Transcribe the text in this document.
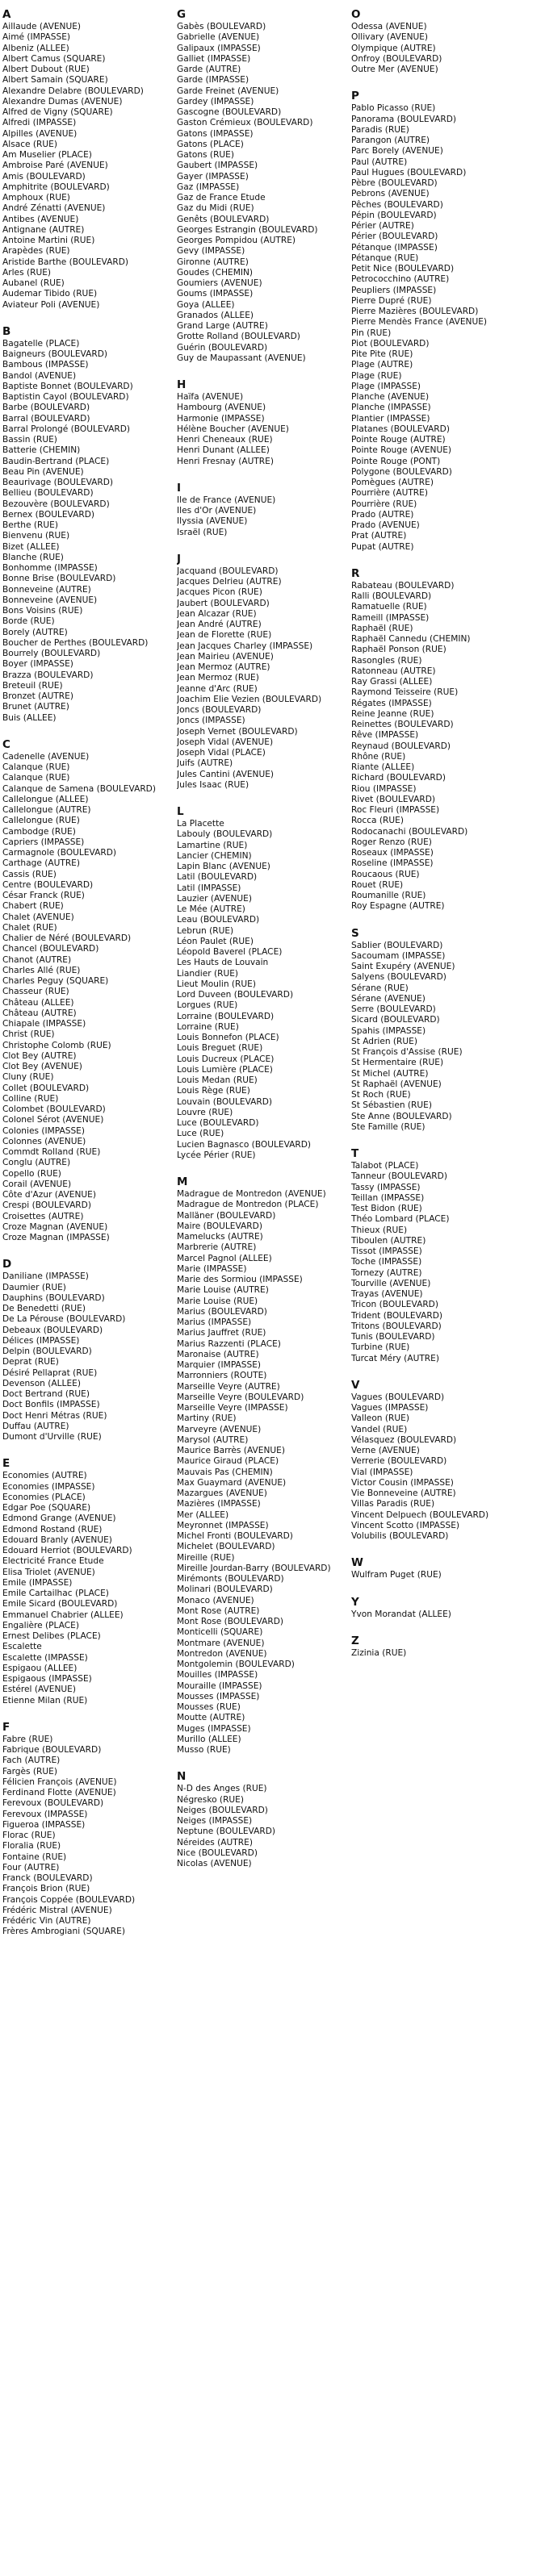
A
Aillaude (AVENUE)
Aimé (IMPASSE)
Albeniz (ALLEE)
Albert Camus (SQUARE)
Albert Dubout (RUE)
Albert Samain (SQUARE)
Alexandre Delabre (BOULEVARD)
Alexandre Dumas (AVENUE)
Alfred de Vigny (SQUARE)
Alfredi (IMPASSE)
Alpilles (AVENUE)
Alsace (RUE)
Am Muselier (PLACE)
Ambroise Paré (AVENUE)
Amis (BOULEVARD)
Amphitrite (BOULEVARD)
Amphoux (RUE)
André Zénatti (AVENUE)
Antibes (AVENUE)
Antignane (AUTRE)
Antoine Martini (RUE)
Arapèdes (RUE)
Aristide Barthe (BOULEVARD)
Arles (RUE)
Aubanel (RUE)
Audemar Tibido (RUE)
Aviateur Poli (AVENUE)
B
Bagatelle (PLACE)
Baigneurs (BOULEVARD)
Bambous (IMPASSE)
Bandol (AVENUE)
Baptiste Bonnet (BOULEVARD)
Baptistin Cayol (BOULEVARD)
Barbe (BOULEVARD)
Barral (BOULEVARD)
Barral Prolongé (BOULEVARD)
Bassin (RUE)
Batterie (CHEMIN)
Baudin-Bertrand (PLACE)
Beau Pin (AVENUE)
Beaurivage (BOULEVARD)
Bellieu (BOULEVARD)
Bezouvère (BOULEVARD)
Bernex (BOULEVARD)
Berthe (RUE)
Bienvenu (RUE)
Bizet (ALLEE)
Blanche (RUE)
Bonhomme (IMPASSE)
Bonne Brise (BOULEVARD)
Bonneveine (AUTRE)
Bonneveine (AVENUE)
Bons Voisins (RUE)
Borde (RUE)
Borely (AUTRE)
Boucher de Perthes (BOULEVARD)
Bourrely (BOULEVARD)
Boyer (IMPASSE)
Brazza (BOULEVARD)
Breteuil (RUE)
Bronzet (AUTRE)
Brunet (AUTRE)
Buis (ALLEE)
C
Cadenelle (AVENUE)
Calanque (RUE)
Calanque (RUE)
Calanque de Samena (BOULEVARD)
Callelongue (ALLEE)
Callelongue (AUTRE)
Callelongue (RUE)
Cambodge (RUE)
Capriers (IMPASSE)
Carmagnole (BOULEVARD)
Carthage (AUTRE)
Cassis (RUE)
Centre (BOULEVARD)
César Franck (RUE)
Chabert (RUE)
Chalet (AVENUE)
Chalet (RUE)
Chalier de Néré (BOULEVARD)
Chancel (BOULEVARD)
Chanot (AUTRE)
Charles Allé (RUE)
Charles Peguy (SQUARE)
Chasseur (RUE)
Château (ALLEE)
Château (AUTRE)
Chiapale (IMPASSE)
Christ (RUE)
Christophe Colomb (RUE)
Clot Bey (AUTRE)
Clot Bey (AVENUE)
Cluny (RUE)
Collet (BOULEVARD)
Colline (RUE)
Colombet (BOULEVARD)
Colonel Sérot (AVENUE)
Colonies (IMPASSE)
Colonnes (AVENUE)
Commdt Rolland (RUE)
Conglu (AUTRE)
Copello (RUE)
Corail (AVENUE)
Côte d'Azur (AVENUE)
Crespi (BOULEVARD)
Croisettes (AUTRE)
Croze Magnan (AVENUE)
Croze Magnan (IMPASSE)
D
Daniliane (IMPASSE)
Daumier (RUE)
Dauphins (BOULEVARD)
De Benedetti (RUE)
De La Pérouse (BOULEVARD)
Debeaux (BOULEVARD)
Délices (IMPASSE)
Delpin (BOULEVARD)
Deprat (RUE)
Désiré Pellaprat (RUE)
Devenson (ALLEE)
Doct Bertrand (RUE)
Doct Bonfils (IMPASSE)
Doct Henri Métras (RUE)
Duffau (AUTRE)
Dumont d'Urville (RUE)
E
Economies (AUTRE)
Economies (IMPASSE)
Economies (PLACE)
Edgar Poe (SQUARE)
Edmond Grange (AVENUE)
Edmond Rostand (RUE)
Edouard Branly (AVENUE)
Edouard Herriot (BOULEVARD)
Electricité France Etude
Elisa Triolet (AVENUE)
Emile (IMPASSE)
Emile Cartailhac (PLACE)
Emile Sicard (BOULEVARD)
Emmanuel Chabrier (ALLEE)
Engalière (PLACE)
Ernest Delibes (PLACE)
Escalette
Escalette (IMPASSE)
Espigaou (ALLEE)
Espigaous (IMPASSE)
Estérel (AVENUE)
Etienne Milan (RUE)
F
Fabre (RUE)
Fabrique (BOULEVARD)
Fach (AUTRE)
Fargès (RUE)
Félicien François (AVENUE)
Ferdinand Flotte (AVENUE)
Ferevoux (BOULEVARD)
Ferevoux (IMPASSE)
Figueroa (IMPASSE)
Florac (RUE)
Floralia (RUE)
Fontaine (RUE)
Four (AUTRE)
Franck (BOULEVARD)
François Brion (RUE)
François Coppée (BOULEVARD)
Frédéric Mistral (AVENUE)
Frédéric Vin (AUTRE)
Frères Ambrogiani (SQUARE)
G
Gabès (BOULEVARD)
Gabrielle (AVENUE)
Galipaux (IMPASSE)
Galliet (IMPASSE)
Garde (AUTRE)
Garde (IMPASSE)
Garde Freinet (AVENUE)
Gardey (IMPASSE)
Gascogne (BOULEVARD)
Gaston Crémieux (BOULEVARD)
Gatons (IMPASSE)
Gatons (PLACE)
Gatons (RUE)
Gaubert (IMPASSE)
Gayer (IMPASSE)
Gaz (IMPASSE)
Gaz de France Etude
Gaz du Midi (RUE)
Genêts (BOULEVARD)
Georges Estrangin (BOULEVARD)
Georges Pompidou (AUTRE)
Gevy (IMPASSE)
Gironne (AUTRE)
Goudes (CHEMIN)
Goumiers (AVENUE)
Goums (IMPASSE)
Goya (ALLEE)
Granados (ALLEE)
Grand Large (AUTRE)
Grotte Rolland (BOULEVARD)
Guérin (BOULEVARD)
Guy de Maupassant (AVENUE)
H
Haïfa (AVENUE)
Hambourg (AVENUE)
Harmonie (IMPASSE)
Hélène Boucher (AVENUE)
Henri Cheneaux (RUE)
Henri Dunant (ALLEE)
Henri Fresnay (AUTRE)
I
Ile de France (AVENUE)
Iles d'Or (AVENUE)
Ilyssia (AVENUE)
Israël (RUE)
J
Jacquand (BOULEVARD)
Jacques Delrieu (AUTRE)
Jacques Picon (RUE)
Jaubert (BOULEVARD)
Jean Alcazar (RUE)
Jean André (AUTRE)
Jean de Florette (RUE)
Jean Jacques Charley (IMPASSE)
Jean Mairieu (AVENUE)
Jean Mermoz (AUTRE)
Jean Mermoz (RUE)
Jeanne d'Arc (RUE)
Joachim Elie Vezien (BOULEVARD)
Joncs (BOULEVARD)
Joncs (IMPASSE)
Joseph Vernet (BOULEVARD)
Joseph Vidal (AVENUE)
Joseph Vidal (PLACE)
Juifs (AUTRE)
Jules Cantini (AVENUE)
Jules Isaac (RUE)
L
La Placette
Labouly (BOULEVARD)
Lamartine (RUE)
Lancier (CHEMIN)
Lapin Blanc (AVENUE)
Latil (BOULEVARD)
Latil (IMPASSE)
Lauzier (AVENUE)
Le Mée (AUTRE)
Leau (BOULEVARD)
Lebrun (RUE)
Léon Paulet (RUE)
Léopold Baverel (PLACE)
Les Hauts de Louvain
Liandier (RUE)
Lieut Moulin (RUE)
Lord Duveen (BOULEVARD)
Lorgues (RUE)
Lorraine (BOULEVARD)
Lorraine (RUE)
Louis Bonnefon (PLACE)
Louis Breguet (RUE)
Louis Ducreux (PLACE)
Louis Lumière (PLACE)
Louis Medan (RUE)
Louis Rège (RUE)
Louvain (BOULEVARD)
Louvre (RUE)
Luce (BOULEVARD)
Luce (RUE)
Lucien Bagnasco (BOULEVARD)
Lycée Périer (RUE)
M
Madrague de Montredon (AVENUE)
Madrague de Montredon (PLACE)
Malläner (BOULEVARD)
Maire (BOULEVARD)
Mamelucks (AUTRE)
Marbrerie (AUTRE)
Marcel Pagnol (ALLEE)
Marie (IMPASSE)
Marie des Sormiou (IMPASSE)
Marie Louise (AUTRE)
Marie Louise (RUE)
Marius (BOULEVARD)
Marius (IMPASSE)
Marius Jauffret (RUE)
Marius Razzenti (PLACE)
Maronaise (AUTRE)
Marquier (IMPASSE)
Marronniers (ROUTE)
Marseille Veyre (AUTRE)
Marseille Veyre (BOULEVARD)
Marseille Veyre (IMPASSE)
Martiny (RUE)
Marveyre (AVENUE)
Marysol (AUTRE)
Maurice Barrès (AVENUE)
Maurice Giraud (PLACE)
Mauvais Pas (CHEMIN)
Max Guaymard (AVENUE)
Mazargues (AVENUE)
Mazières (IMPASSE)
Mer (ALLEE)
Meyronnet (IMPASSE)
Michel Fronti (BOULEVARD)
Michelet (BOULEVARD)
Mireille (RUE)
Mireille Jourdan-Barry (BOULEVARD)
Mirémonts (BOULEVARD)
Molinari (BOULEVARD)
Monaco (AVENUE)
Mont Rose (AUTRE)
Mont Rose (BOULEVARD)
Monticelli (SQUARE)
Montmare (AVENUE)
Montredon (AVENUE)
Montgolemin (BOULEVARD)
Mouilles (IMPASSE)
Mouraille (IMPASSE)
Mousses (IMPASSE)
Mousses (RUE)
Moutte (AUTRE)
Muges (IMPASSE)
Murillo (ALLEE)
Musso (RUE)
N
N-D des Anges (RUE)
Négresko (RUE)
Neiges (BOULEVARD)
Neiges (IMPASSE)
Neptune (BOULEVARD)
Néreides (AUTRE)
Nice (BOULEVARD)
Nicolas (AVENUE)
O
Odessa (AVENUE)
Ollivary (AVENUE)
Olympique (AUTRE)
Onfroy (BOULEVARD)
Outre Mer (AVENUE)
P
Pablo Picasso (RUE)
Panorama (BOULEVARD)
Paradis (RUE)
Parangon (AUTRE)
Parc Borely (AVENUE)
Paul (AUTRE)
Paul Hugues (BOULEVARD)
Pèbre (BOULEVARD)
Pebrons (AVENUE)
Pêches (BOULEVARD)
Pépin (BOULEVARD)
Périer (AUTRE)
Périer (BOULEVARD)
Pétanque (IMPASSE)
Pétanque (RUE)
Petit Nice (BOULEVARD)
Petrococchino (AUTRE)
Peupliers (IMPASSE)
Pierre Dupré (RUE)
Pierre Mazières (BOULEVARD)
Pierre Mendès France (AVENUE)
Pin (RUE)
Piot (BOULEVARD)
Pite Pite (RUE)
Plage (AUTRE)
Plage (RUE)
Plage (IMPASSE)
Planche (AVENUE)
Planche (IMPASSE)
Plantier (IMPASSE)
Platanes (BOULEVARD)
Pointe Rouge (AUTRE)
Pointe Rouge (AVENUE)
Pointe Rouge (PONT)
Polygone (BOULEVARD)
Pomègues (AUTRE)
Pourrière (AUTRE)
Pourrière (RUE)
Prado (AUTRE)
Prado (AVENUE)
Prat (AUTRE)
Pupat (AUTRE)
R
Rabateau (BOULEVARD)
Ralli (BOULEVARD)
Ramatuelle (RUE)
Rameill (IMPASSE)
Raphaël (RUE)
Raphaël Cannedu (CHEMIN)
Raphaël Ponson (RUE)
Rasongles (RUE)
Ratonneau (AUTRE)
Ray Grassi (ALLEE)
Raymond Teisseire (RUE)
Régates (IMPASSE)
Reine Jeanne (RUE)
Reinettes (BOULEVARD)
Rêve (IMPASSE)
Reynaud (BOULEVARD)
Rhône (RUE)
Riante (ALLEE)
Richard (BOULEVARD)
Riou (IMPASSE)
Rivet (BOULEVARD)
Roc Fleuri (IMPASSE)
Rocca (RUE)
Rodocanachi (BOULEVARD)
Roger Renzo (RUE)
Roseaux (IMPASSE)
Roseline (IMPASSE)
Roucaous (RUE)
Rouet (RUE)
Roumanille (RUE)
Roy Espagne (AUTRE)
S
Sablier (BOULEVARD)
Sacoumam (IMPASSE)
Saint Exupéry (AVENUE)
Salyens (BOULEVARD)
Sérane (RUE)
Sérane (AVENUE)
Serre (BOULEVARD)
Sicard (BOULEVARD)
Spahis (IMPASSE)
St Adrien (RUE)
St François d'Assise (RUE)
St Hermentaire (RUE)
St Michel (AUTRE)
St Raphaël (AVENUE)
St Roch (RUE)
St Sébastien (RUE)
Ste Anne (BOULEVARD)
Ste Famille (RUE)
T
Talabot (PLACE)
Tanneur (BOULEVARD)
Tassy (IMPASSE)
Teillan (IMPASSE)
Test Bidon (RUE)
Théo Lombard (PLACE)
Thieux (RUE)
Tiboulen (AUTRE)
Tissot (IMPASSE)
Toche (IMPASSE)
Tornezy (AUTRE)
Tourville (AVENUE)
Trayas (AVENUE)
Tricon (BOULEVARD)
Trident (BOULEVARD)
Tritons (BOULEVARD)
Tunis (BOULEVARD)
Turbine (RUE)
Turcat Méry (AUTRE)
V
Vagues (BOULEVARD)
Vagues (IMPASSE)
Valleon (RUE)
Vandel (RUE)
Vélasquez (BOULEVARD)
Verne (AVENUE)
Verrerie (BOULEVARD)
Vial (IMPASSE)
Victor Cousin (IMPASSE)
Vie Bonneveine (AUTRE)
Villas Paradis (RUE)
Vincent Delpuech (BOULEVARD)
Vincent Scotto (IMPASSE)
Volubilis (BOULEVARD)
W
Wulfram Puget (RUE)
Y
Yvon Morandat (ALLEE)
Z
Zizinia (RUE)
